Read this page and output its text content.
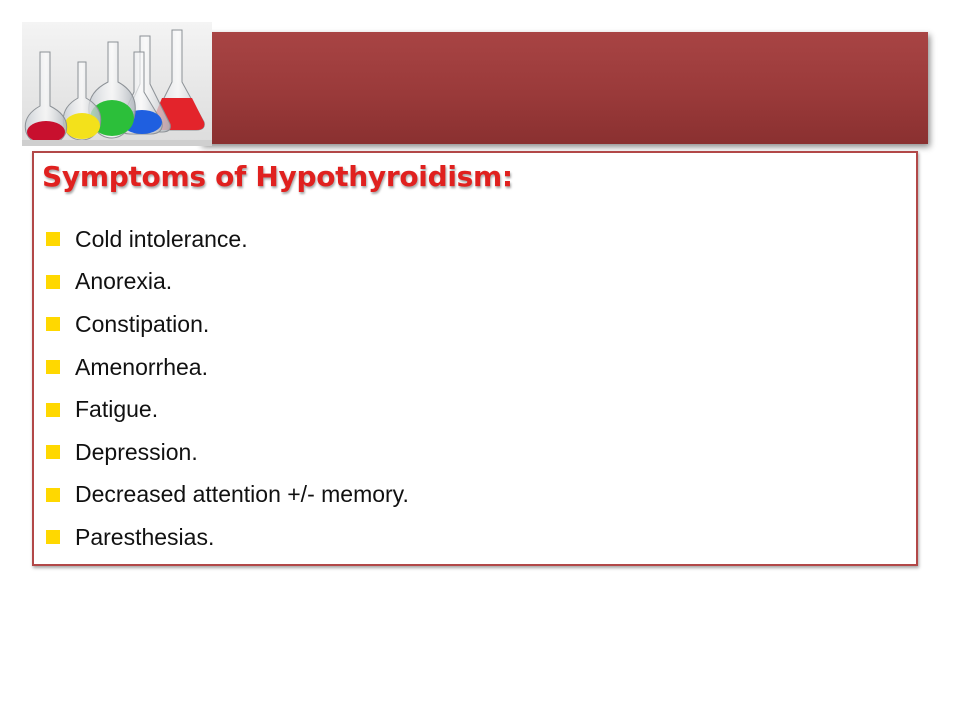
Symptoms of Hypothyroidism:
Cold intolerance.
Anorexia.
Constipation.
Amenorrhea.
Fatigue.
Depression.
Decreased attention +/- memory.
Paresthesias.
